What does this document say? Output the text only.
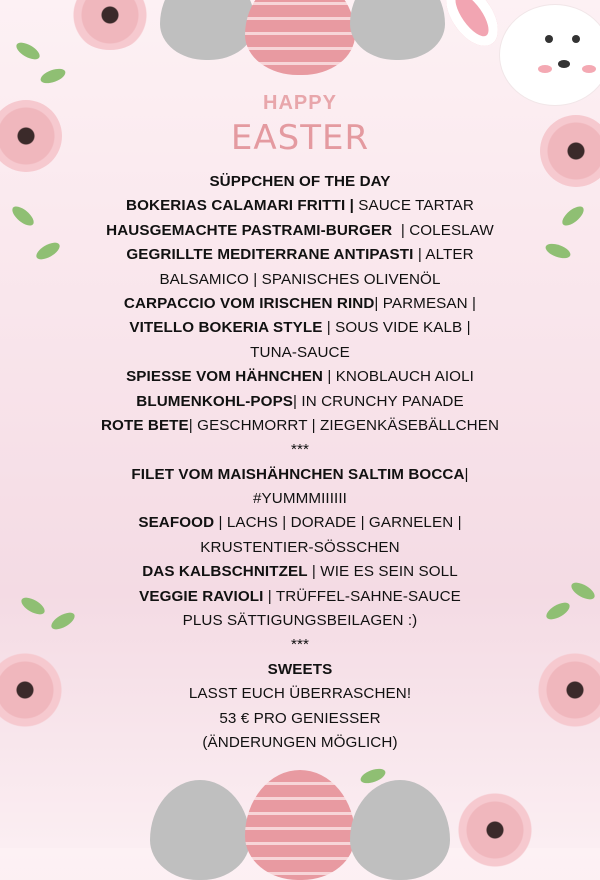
HAPPY
EASTER
SÜPPCHEN OF THE DAY
BOKERIAS CALAMARI FRITTI | SAUCE TARTAR
HAUSGEMACHTE PASTRAMI-BURGER  | COLESLAW
GEGRILLTE MEDITERRANE ANTIPASTI | ALTER
BALSAMICO | SPANISCHES OLIVENÖL
CARPACCIO VOM IRISCHEN RIND| PARMESAN |
VITELLO BOKERIA STYLE | SOUS VIDE KALB |
TUNA-SAUCE
SPIESSE VOM HÄHNCHEN | KNOBLAUCH AIOLI
BLUMENKOHL-POPS| IN CRUNCHY PANADE
ROTE BETE| GESCHMORRT | ZIEGENKÄSEBÄLLCHEN
***
FILET VOM MAISHÄHNCHEN SALTIM BOCCA|
#YUMMMIIIIII
SEAFOOD | LACHS | DORADE | GARNELEN |
KRUSTENTIER-SÖSSCHEN
DAS KALBSCHNITZEL | WIE ES SEIN SOLL
VEGGIE RAVIOLI | TRÜFFEL-SAHNE-SAUCE
PLUS SÄTTIGUNGSBEILAGEN :)
***
SWEETS
LASST EUCH ÜBERRASCHEN!
53 € PRO GENIESSER
(ÄNDERUNGEN MÖGLICH)
